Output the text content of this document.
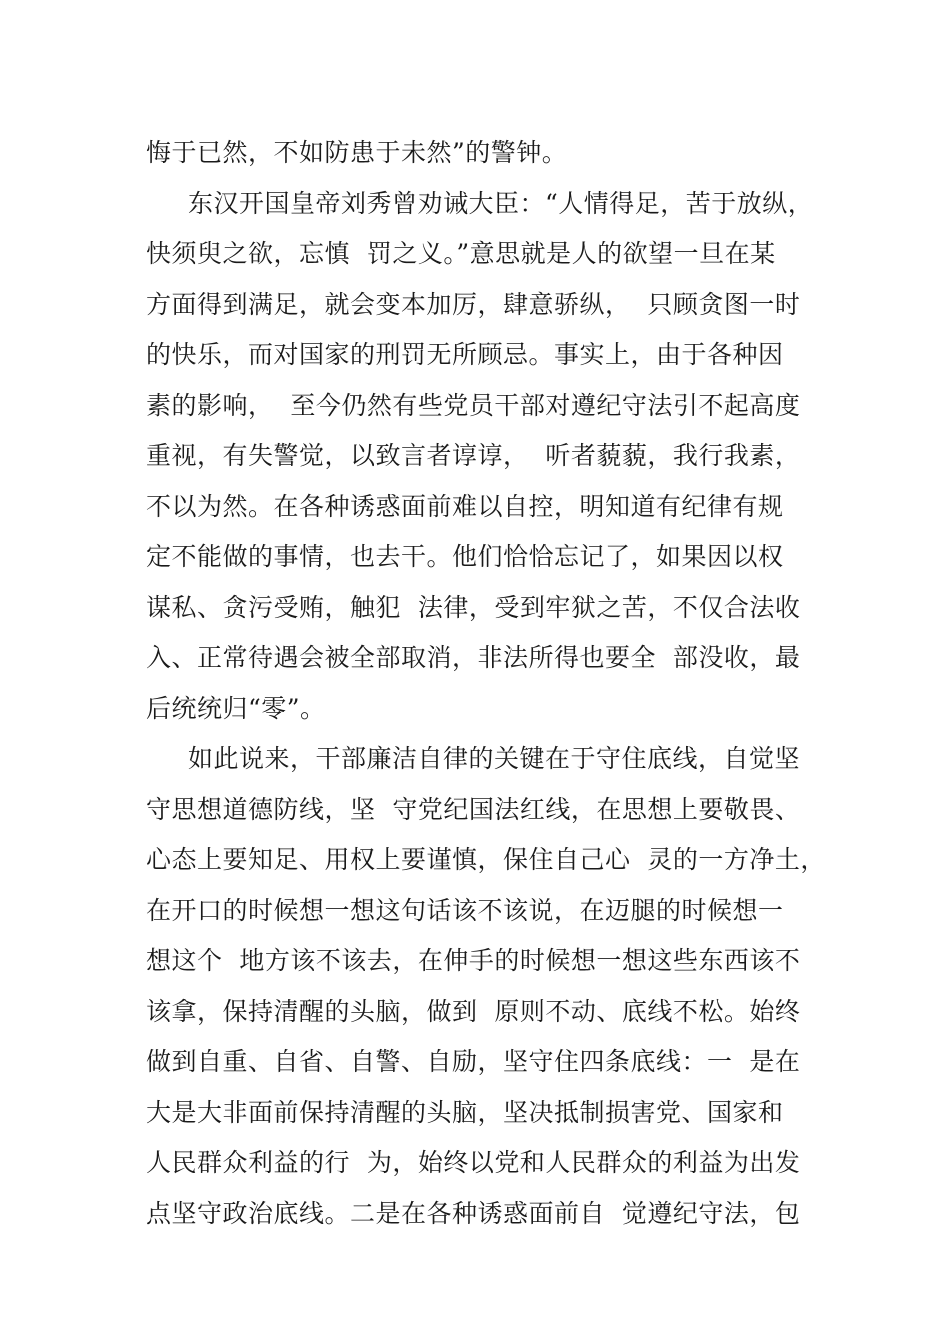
悔于已然，不如防患于未然”的警钟。
东汉开国皇帝刘秀曾劝诫大臣：“人情得足，苦于放纵，
快须臾之欲，忘慎  罚之义。”意思就是人的欲望一旦在某
方面得到满足，就会变本加厉，肆意骄纵，  只顾贪图一时
的快乐，而对国家的刑罚无所顾忌。事实上，由于各种因
素的影响，  至今仍然有些党员干部对遵纪守法引不起高度
重视，有失警觉，以致言者谆谆，  听者藐藐，我行我素，
不以为然。在各种诱惑面前难以自控，明知道有纪律有规
定不能做的事情，也去干。他们恰恰忘记了，如果因以权
谋私、贪污受贿，触犯  法律，受到牢狱之苦，不仅合法收
入、正常待遇会被全部取消，非法所得也要全  部没收，最
后统统归“零”。
如此说来，干部廉洁自律的关键在于守住底线，自觉坚
守思想道德防线，坚  守党纪国法红线，在思想上要敬畏、
心态上要知足、用权上要谨慎，保住自己心  灵的一方净土，
在开口的时候想一想这句话该不该说，在迈腿的时候想一
想这个  地方该不该去，在伸手的时候想一想这些东西该不
该拿，保持清醒的头脑，做到  原则不动、底线不松。始终
做到自重、自省、自警、自励，坚守住四条底线：一  是在
大是大非面前保持清醒的头脑，坚决抵制损害党、国家和
人民群众利益的行  为，始终以党和人民群众的利益为出发
点坚守政治底线。二是在各种诱惑面前自  觉遵纪守法，包
